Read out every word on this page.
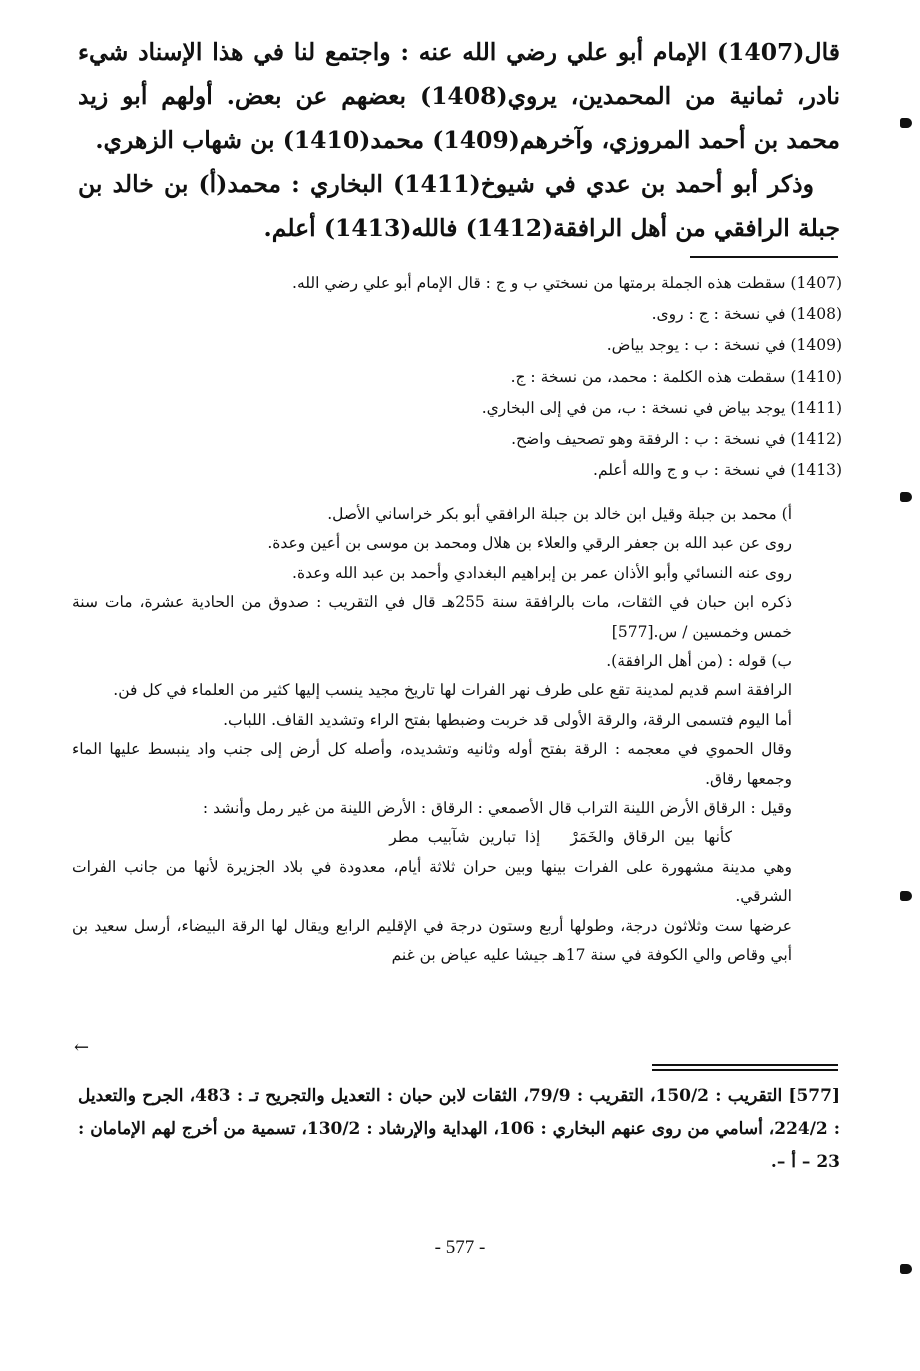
قال(1407) الإمام أبو علي رضي الله عنه : واجتمع لنا في هذا الإسناد شيء نادر، ثمانية من المحمدين، يروي(1408) بعضهم عن بعض. أولهم أبو زيد محمد بن أحمد المروزي، وآخرهم(1409) محمد(1410) بن شهاب الزهري.

وذكر أبو أحمد بن عدي في شيوخ(1411) البخاري : محمد(أ) بن خالد بن جبلة الرافقي من أهل الرافقة(1412) فالله(1413) أعلم.

(1407) سقطت هذه الجملة برمتها من نسختي ب و ج : قال الإمام أبو علي رضي الله.
(1408) في نسخة : ج : روى.
(1409) في نسخة : ب : يوجد بياض.
(1410) سقطت هذه الكلمة : محمد، من نسخة : ج.
(1411) يوجد بياض في نسخة : ب، من في إلى البخاري.
(1412) في نسخة : ب : الرفقة وهو تصحيف واضح.
(1413) في نسخة : ب و ج والله أعلم.
أ) محمد بن جبلة وقيل ابن خالد بن جبلة الرافقي أبو بكر خراساني الأصل.
روى عن عبد الله بن جعفر الرقي والعلاء بن هلال ومحمد بن موسى بن أعين وعدة.
روى عنه النسائي وأبو الأذان عمر بن إبراهيم البغدادي وأحمد بن عبد الله وعدة.
ذكره ابن حبان في الثقات، مات بالرافقة سنة 255هـ قال في التقريب : صدوق من الحادية عشرة، مات سنة خمس وخمسين / س.[577]
ب) قوله : (من أهل الرافقة).
الرافقة اسم قديم لمدينة تقع على طرف نهر الفرات لها تاريخ مجيد ينسب إليها كثير من العلماء في كل فن.
أما اليوم فتسمى الرقة، والرقة الأولى قد خربت وضبطها بفتح الراء وتشديد القاف. اللباب.
وقال الحموي في معجمه : الرقة بفتح أوله وثانيه وتشديده، وأصله كل أرض إلى جنب واد ينبسط عليها الماء وجمعها رقاق.
وقيل : الرقاق الأرض اللينة التراب قال الأصمعي : الرقاق : الأرض اللينة من غير رمل وأنشد :
كأنها بين الرقاق والخَمَرْإذا تبارين شآبيب مطر
وهي مدينة مشهورة على الفرات بينها وبين حران ثلاثة أيام، معدودة في بلاد الجزيرة لأنها من جانب الفرات الشرقي.
عرضها ست وثلاثون درجة، وطولها أربع وستون درجة في الإقليم الرابع ويقال لها الرقة البيضاء، أرسل سعيد بن أبي وقاص والي الكوفة في سنة 17هـ جيشا عليه عياض بن غنم
←
[577] التقريب : 150/2، التقريب : 79/9، الثقات لابن حبان : التعديل والتجريح تـ : 483، الجرح والتعديل : 224/2، أسامي من روى عنهم البخاري : 106، الهداية والإرشاد : 130/2، تسمية من أخرج لهم الإمامان : 23 – أ –.
- 577 -
